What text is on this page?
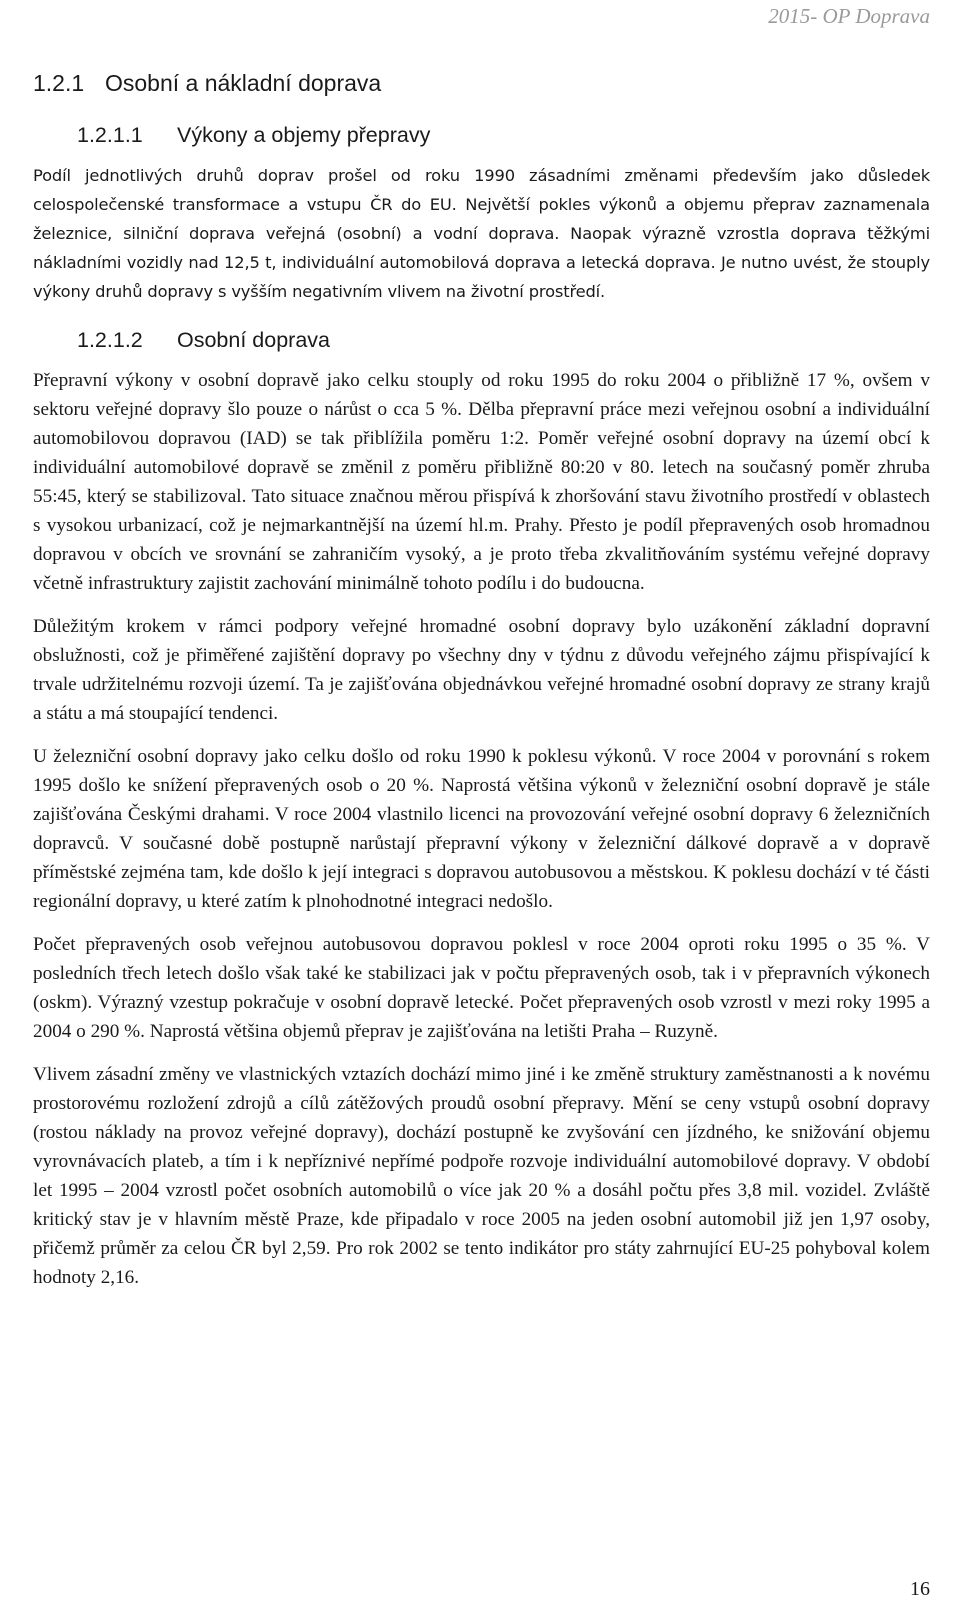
2015- OP Doprava
1.2.1 Osobní a nákladní doprava
1.2.1.1 Výkony a objemy přepravy

Podíl jednotlivých druhů doprav prošel od roku 1990 zásadními změnami především jako důsledek celospolečenské transformace a vstupu ČR do EU. Největší pokles výkonů a objemu přeprav zaznamenala železnice, silniční doprava veřejná (osobní) a vodní doprava. Naopak výrazně vzrostla doprava těžkými nákladními vozidly nad 12,5 t, individuální automobilová doprava a letecká doprava. Je nutno uvést, že stouply výkony druhů dopravy s vyšším negativním vlivem na životní prostředí.

1.2.1.2 Osobní doprava

Přepravní výkony v osobní dopravě jako celku stouply od roku 1995 do roku 2004 o přibližně 17 %, ovšem v sektoru veřejné dopravy šlo pouze o nárůst o cca 5 %. Dělba přepravní práce mezi veřejnou osobní a individuální automobilovou dopravou (IAD) se tak přiblížila poměru 1:2. Poměr veřejné osobní dopravy na území obcí k individuální automobilové dopravě se změnil z poměru přibližně 80:20 v 80. letech na současný poměr zhruba 55:45, který se stabilizoval. Tato situace značnou měrou přispívá k zhoršování stavu životního prostředí v oblastech s vysokou urbanizací, což je nejmarkantnější na území hl.m. Prahy. Přesto je podíl přepravených osob hromadnou dopravou v obcích ve srovnání se zahraničím vysoký, a je proto třeba zkvalitňováním systému veřejné dopravy včetně infrastruktury zajistit zachování minimálně tohoto podílu i do budoucna.

Důležitým krokem v rámci podpory veřejné hromadné osobní dopravy bylo uzákonění základní dopravní obslužnosti, což je přiměřené zajištění dopravy po všechny dny v týdnu z důvodu veřejného zájmu přispívající k trvale udržitelnému rozvoji území. Ta je zajišťována objednávkou veřejné hromadné osobní dopravy ze strany krajů a státu a má stoupající tendenci.

U železniční osobní dopravy jako celku došlo od roku 1990 k poklesu výkonů. V roce 2004 v porovnání s rokem 1995 došlo ke snížení přepravených osob o 20 %. Naprostá většina výkonů v železniční osobní dopravě je stále zajišťována Českými drahami. V roce 2004 vlastnilo licenci na provozování veřejné osobní dopravy 6 železničních dopravců. V současné době postupně narůstají přepravní výkony v železniční dálkové dopravě a v dopravě příměstské zejména tam, kde došlo k její integraci s dopravou autobusovou a městskou. K poklesu dochází v té části regionální dopravy, u které zatím k plnohodnotné integraci nedošlo.

Počet přepravených osob veřejnou autobusovou dopravou poklesl v roce 2004 oproti roku 1995 o 35 %. V posledních třech letech došlo však také ke stabilizaci jak v počtu přepravených osob, tak i v přepravních výkonech (oskm). Výrazný vzestup pokračuje v osobní dopravě letecké. Počet přepravených osob vzrostl v mezi roky 1995 a 2004 o 290 %. Naprostá většina objemů přeprav je zajišťována na letišti Praha – Ruzyně.

Vlivem zásadní změny ve vlastnických vztazích dochází mimo jiné i ke změně struktury zaměstnanosti a k novému prostorovému rozložení zdrojů a cílů zátěžových proudů osobní přepravy. Mění se ceny vstupů osobní dopravy (rostou náklady na provoz veřejné dopravy), dochází postupně ke zvyšování cen jízdného, ke snižování objemu vyrovnávacích plateb, a tím i k nepříznivé nepřímé podpoře rozvoje individuální automobilové dopravy. V období let 1995 – 2004 vzrostl počet osobních automobilů o více jak 20 % a dosáhl počtu přes 3,8 mil. vozidel. Zvláště kritický stav je v hlavním městě Praze, kde připadalo v roce 2005 na jeden osobní automobil již jen 1,97 osoby, přičemž průměr za celou ČR byl 2,59. Pro rok 2002 se tento indikátor pro státy zahrnující EU-25 pohyboval kolem hodnoty 2,16.

16
